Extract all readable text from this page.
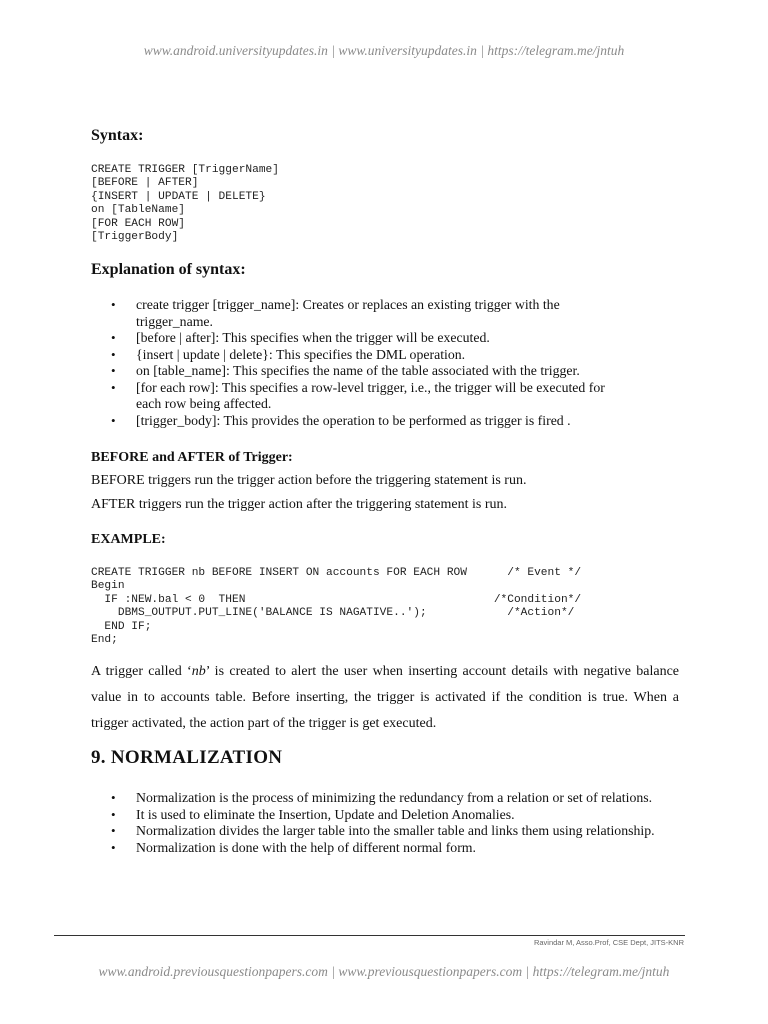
www.android.universityupdates.in | www.universityupdates.in | https://telegram.me/jntuh
Syntax:
CREATE TRIGGER [TriggerName]
[BEFORE | AFTER]
{INSERT | UPDATE | DELETE}
on [TableName]
[FOR EACH ROW]
[TriggerBody]
Explanation of syntax:
• create trigger [trigger_name]: Creates or replaces an existing trigger with the trigger_name.
• [before | after]: This specifies when the trigger will be executed.
• {insert | update | delete}: This specifies the DML operation.
• on [table_name]: This specifies the name of the table associated with the trigger.
• [for each row]: This specifies a row-level trigger, i.e., the trigger will be executed for each row being affected.
• [trigger_body]: This provides the operation to be performed as trigger is fired .
BEFORE and AFTER of Trigger:
BEFORE triggers run the trigger action before the triggering statement is run.
AFTER triggers run the trigger action after the triggering statement is run.
EXAMPLE:
CREATE TRIGGER nb BEFORE INSERT ON accounts FOR EACH ROW      /* Event */
Begin
IF :NEW.bal < 0  THEN                                     /*Condition*/
DBMS_OUTPUT.PUT_LINE('BALANCE IS NAGATIVE..');            /*Action*/
END IF;
End;
A trigger called ‘nb’ is created to alert the user when inserting account details with negative balance value in to accounts table. Before inserting, the trigger is activated if the condition is true. When a trigger activated, the action part of the trigger is get executed.
9. NORMALIZATION
• Normalization is the process of minimizing the redundancy from a relation or set of relations.
• It is used to eliminate the Insertion, Update and Deletion Anomalies.
• Normalization divides the larger table into the smaller table and links them using relationship.
• Normalization is done with the help of different normal form.
Ravindar M, Asso.Prof, CSE Dept, JITS-KNR
www.android.previousquestionpapers.com | www.previousquestionpapers.com | https://telegram.me/jntuh
